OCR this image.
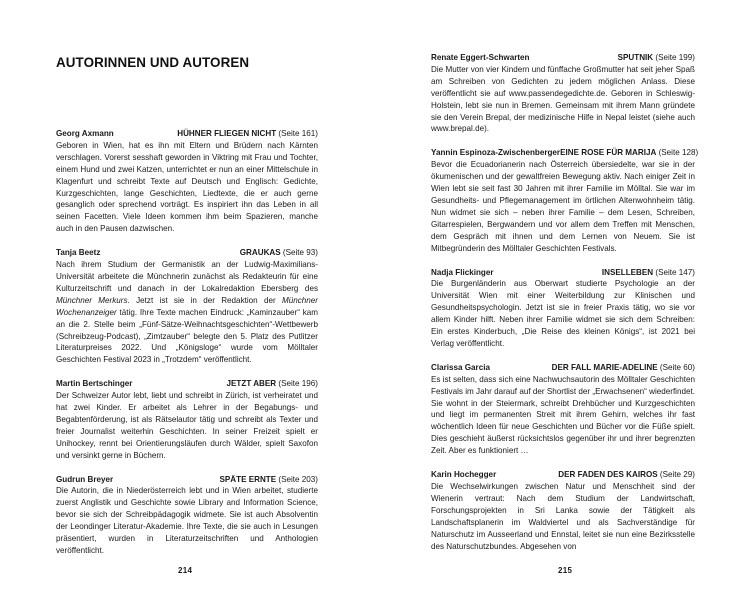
AUTORINNEN UND AUTOREN
Georg Axmann	HÜHNER FLIEGEN NICHT (Seite 161)

Geboren in Wien, hat es ihn mit Eltern und Brüdern nach Kärnten verschlagen. Vorerst sesshaft geworden in Viktring mit Frau und Tochter, einem Hund und zwei Katzen, unterrichtet er nun an einer Mittelschule in Klagenfurt und schreibt Texte auf Deutsch und Englisch: Gedichte, Kurzgeschichten, lange Geschichten, Liedtexte, die er auch gerne gesanglich oder sprechend vorträgt. Es inspiriert ihn das Leben in all seinen Facetten. Viele Ideen kommen ihm beim Spazieren, manche auch in den Pausen dazwischen.

Tanja Beetz	GRAUKAS (Seite 93)

Nach ihrem Studium der Germanistik an der Ludwig-Maximilians-Universität arbeitete die Münchnerin zunächst als Redakteurin für eine Kulturzeitschrift und danach in der Lokalredaktion Ebersberg des Münchner Merkurs. Jetzt ist sie in der Redaktion der Münchner Wochenanzeiger tätig. Ihre Texte machen Eindruck: „Kaminzauber“ kam an die 2. Stelle beim „Fünf-Sätze-Weihnachtsgeschichten“-Wettbewerb (Schreibzeug-Podcast), „Zimtzauber“ belegte den 5. Platz des Putlitzer Literaturpreises 2022. Und „Königsloge“ wurde vom Mölltaler Geschichten Festival 2023 in „Trotzdem“ veröffentlicht.

Martin Bertschinger	JETZT ABER (Seite 196)

Der Schweizer Autor lebt, liebt und schreibt in Zürich, ist verheiratet und hat zwei Kinder. Er arbeitet als Lehrer in der Begabungs- und Begabtenförderung, ist als Rätselautor tätig und schreibt als Texter und freier Journalist weiterhin Geschichten. In seiner Freizeit spielt er Unihockey, rennt bei Orientierungsläufen durch Wälder, spielt Saxofon und versinkt gerne in Büchern.

Gudrun Breyer	SPÄTE ERNTE (Seite 203)

Die Autorin, die in Niederösterreich lebt und in Wien arbeitet, studierte zuerst Anglistik und Geschichte sowie Library and Information Science, bevor sie sich der Schreibpädagogik widmete. Sie ist auch Absolventin der Leondinger Literatur-Akademie. Ihre Texte, die sie auch in Lesungen präsentiert, wurden in Literaturzeitschriften und Anthologien veröffentlicht.

214
Renate Eggert-Schwarten	SPUTNIK (Seite 199)

Die Mutter von vier Kindern und fünffache Großmutter hat seit jeher Spaß am Schreiben von Gedichten zu jedem möglichen Anlass. Diese veröffentlicht sie auf www.passendegedichte.de. Geboren in Schleswig-Holstein, lebt sie nun in Bremen. Gemeinsam mit ihrem Mann gründete sie den Verein Brepal, der medizinische Hilfe in Nepal leistet (siehe auch www.brepal.de).

Yannin Espinoza-Zwischenberger EINE ROSE FÜR MARIJA (Seite 128)

Bevor die Ecuadorianerin nach Österreich übersiedelte, war sie in der ökumenischen und der gewaltfreien Bewegung aktiv. Nach einiger Zeit in Wien lebt sie seit fast 30 Jahren mit ihrer Familie im Mölltal. Sie war im Gesundheits- und Pflegemanagement im örtlichen Altenwohnheim tätig. Nun widmet sie sich – neben ihrer Familie – dem Lesen, Schreiben, Gitarrespielen, Bergwandern und vor allem dem Treffen mit Menschen, dem Gespräch mit ihnen und dem Lernen von Neuem. Sie ist Mitbegründerin des Mölltaler Geschichten Festivals.

Nadja Flickinger	INSELLEBEN (Seite 147)

Die Burgenländerin aus Oberwart studierte Psychologie an der Universität Wien mit einer Weiterbildung zur Klinischen und Gesundheitspsychologin. Jetzt ist sie in freier Praxis tätig, wo sie vor allem Kinder hilft. Neben ihrer Familie widmet sie sich dem Schreiben: Ein erstes Kinderbuch, „Die Reise des kleinen Königs“, ist 2021 bei Verlag veröffentlicht.

Clarissa Garcia	DER FALL MARIE-ADELINE (Seite 60)

Es ist selten, dass sich eine Nachwuchsautorin des Mölltaler Geschichten Festivals im Jahr darauf auf der Shortlist der „Erwachsenen“ wiederfindet. Sie wohnt in der Steiermark, schreibt Drehbücher und Kurzgeschichten und liegt im permanenten Streit mit ihrem Gehirn, welches ihr fast wöchentlich Ideen für neue Geschichten und Bücher vor die Füße spielt. Dies geschieht äußerst rücksichtslos gegenüber ihr und ihrer begrenzten Zeit. Aber es funktioniert …

Karin Hochegger	DER FADEN DES KAIROS (Seite 29)

Die Wechselwirkungen zwischen Natur und Menschheit sind der Wienerin vertraut: Nach dem Studium der Landwirtschaft, Forschungsprojekten in Sri Lanka sowie der Tätigkeit als Landschaftsplanerin im Waldviertel und als Sachverständige für Naturschutz im Ausseerland und Ennstal, leitet sie nun eine Bezirksstelle des Naturschutzbundes. Abgesehen von

215
